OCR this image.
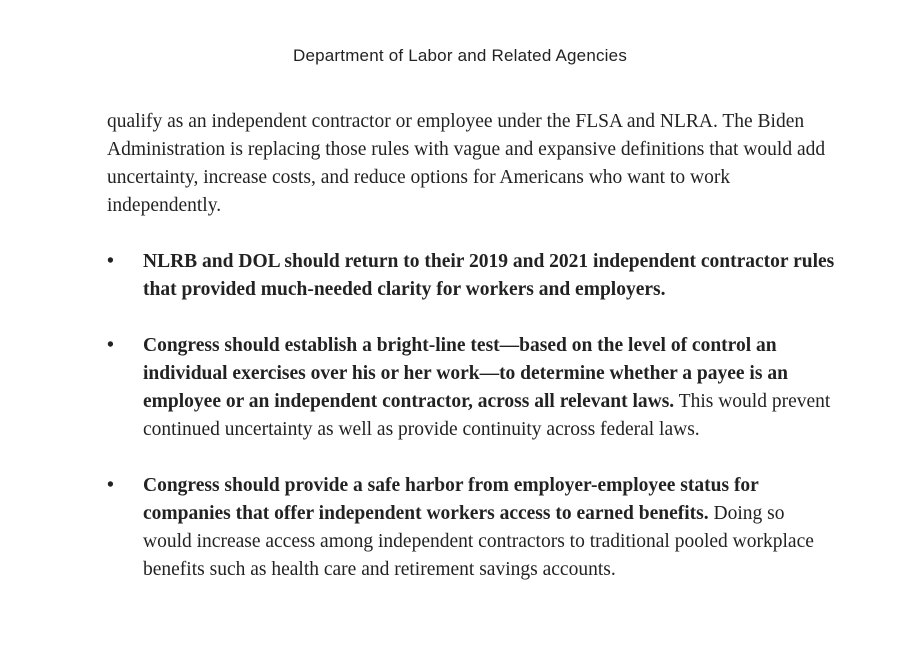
Department of Labor and Related Agencies
qualify as an independent contractor or employee under the FLSA and NLRA. The Biden Administration is replacing those rules with vague and expansive definitions that would add uncertainty, increase costs, and reduce options for Americans who want to work independently.
• NLRB and DOL should return to their 2019 and 2021 independent contractor rules that provided much-needed clarity for workers and employers.
• Congress should establish a bright-line test—based on the level of control an individual exercises over his or her work—to determine whether a payee is an employee or an independent contractor, across all relevant laws. This would prevent continued uncertainty as well as provide continuity across federal laws.
• Congress should provide a safe harbor from employer-employee status for companies that offer independent workers access to earned benefits. Doing so would increase access among independent contractors to traditional pooled workplace benefits such as health care and retirement savings accounts.
